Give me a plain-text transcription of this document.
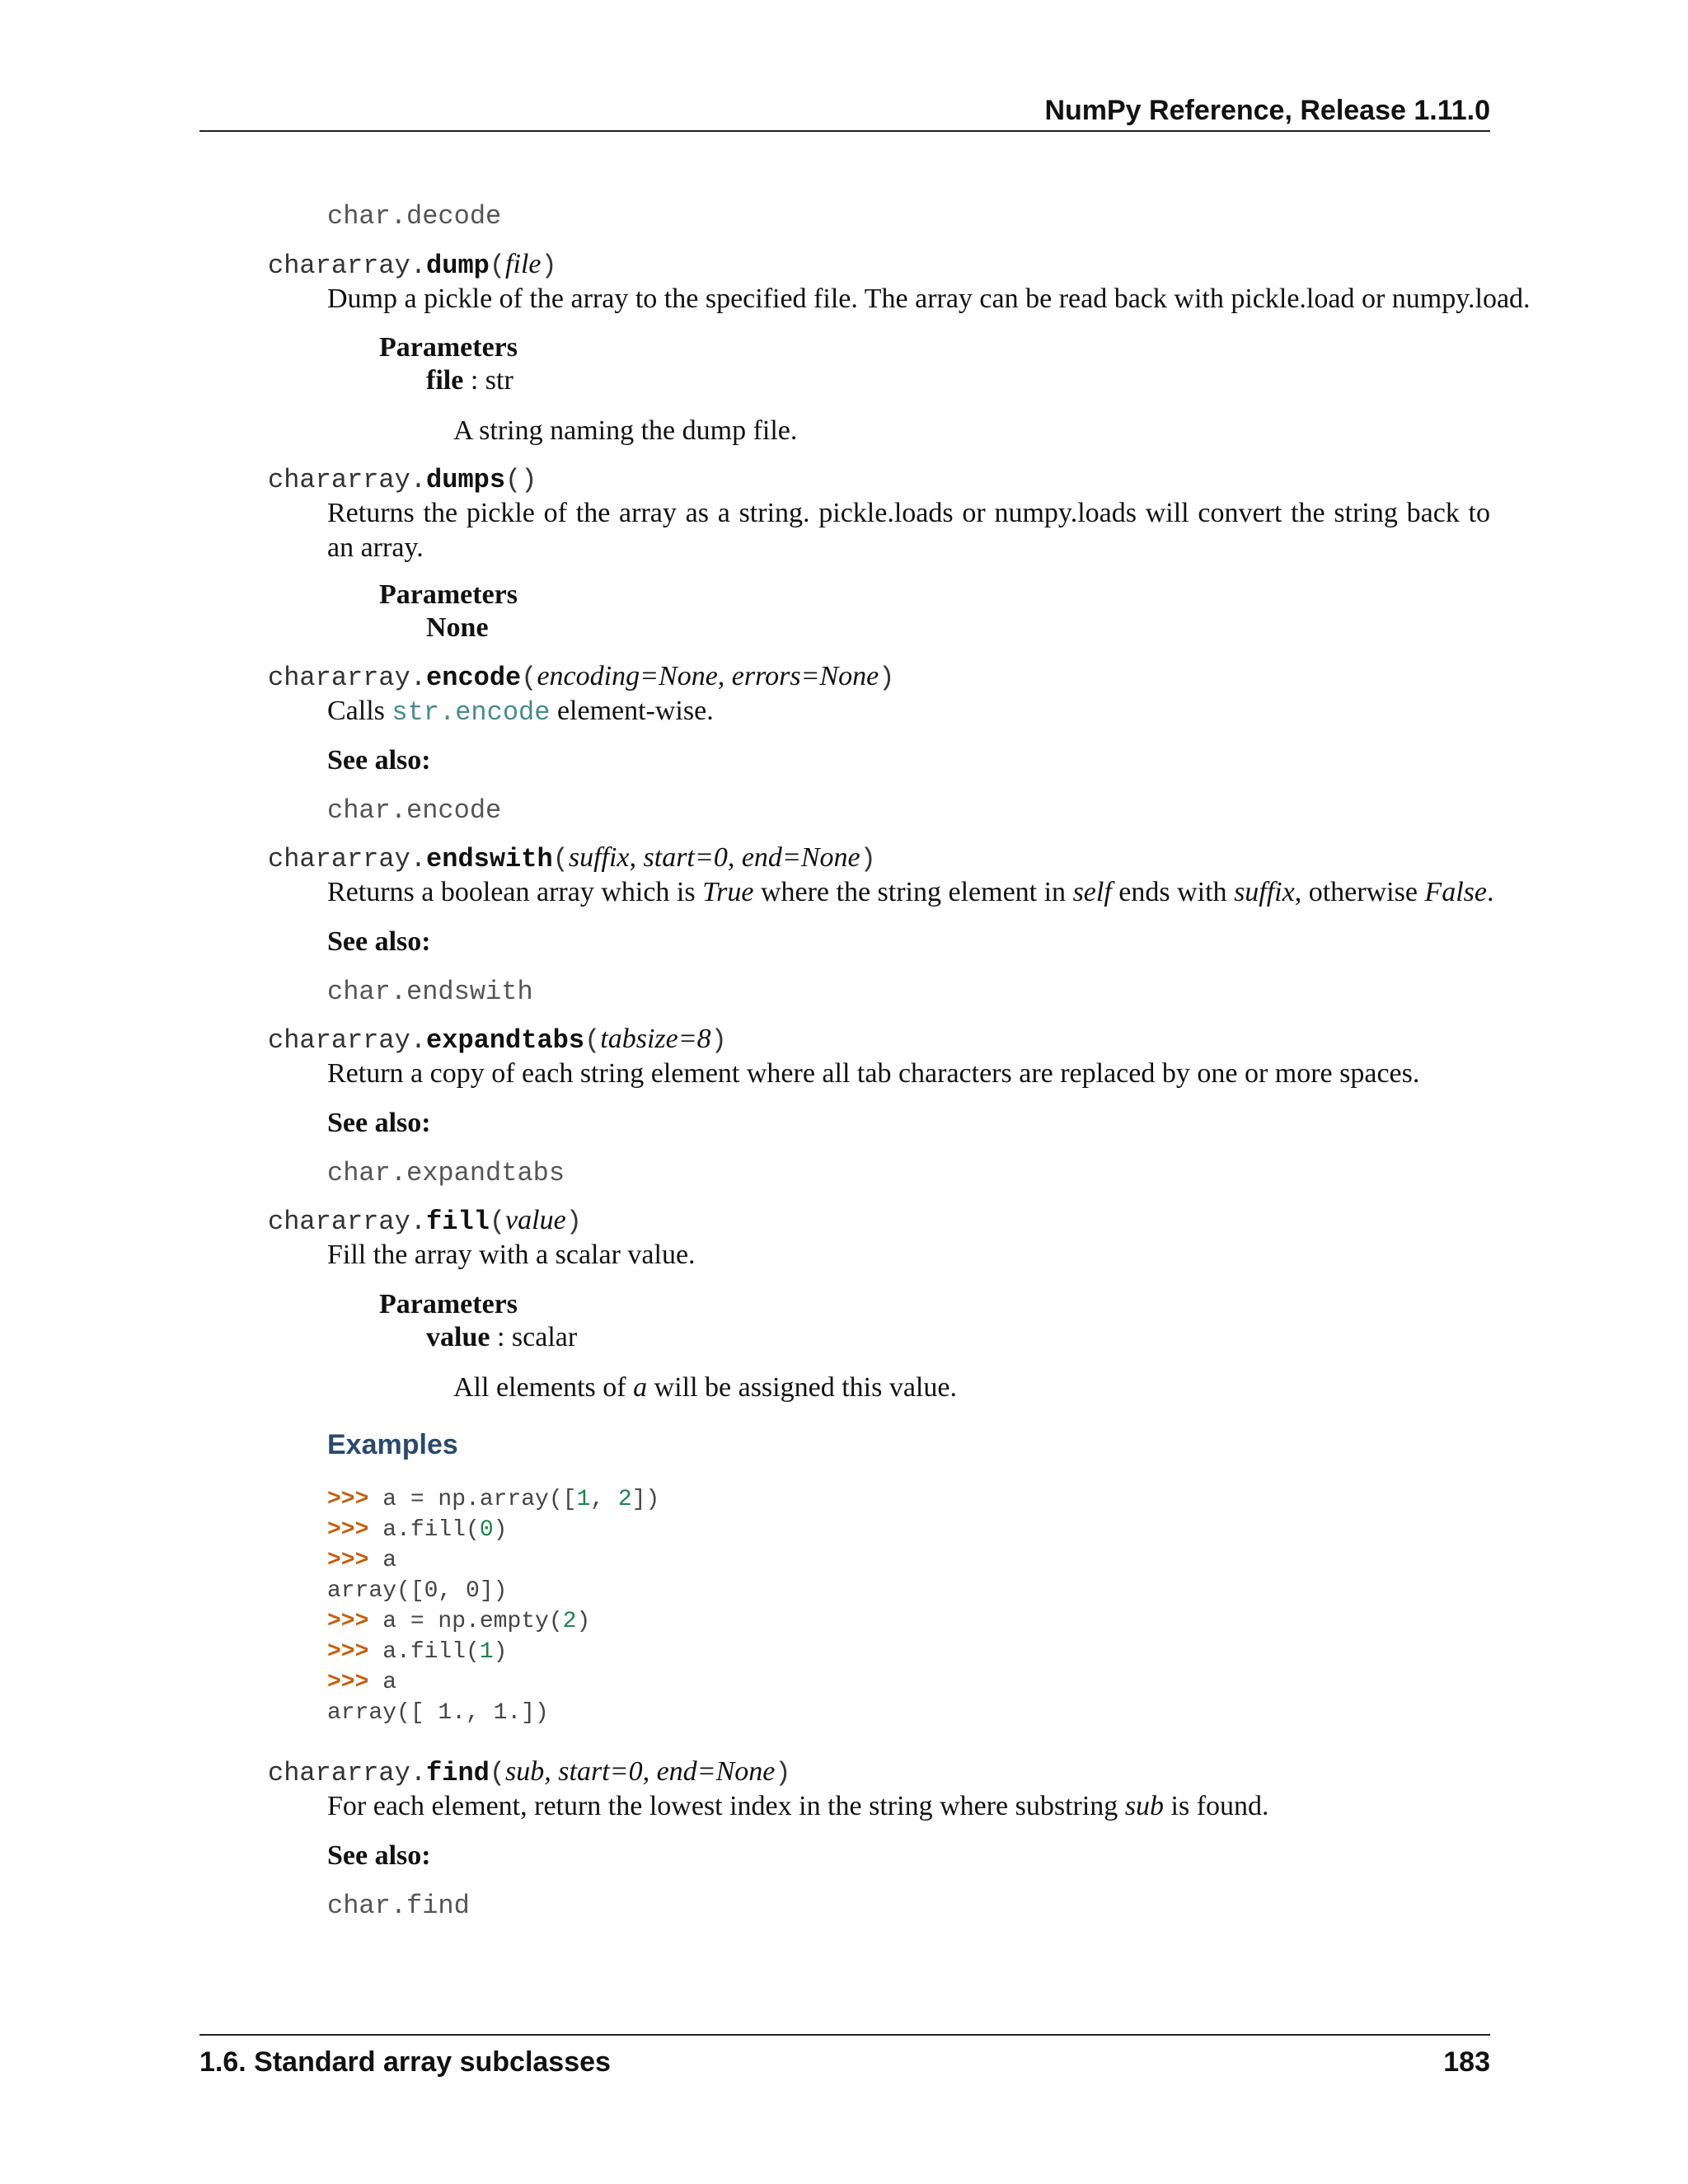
NumPy Reference, Release 1.11.0
char.decode
chararray.dump(file)
Dump a pickle of the array to the specified file. The array can be read back with pickle.load or numpy.load.
Parameters
file : str
A string naming the dump file.
chararray.dumps()
Returns the pickle of the array as a string. pickle.loads or numpy.loads will convert the string back to an array.
Parameters
None
chararray.encode(encoding=None, errors=None)
Calls str.encode element-wise.
See also:
char.encode
chararray.endswith(suffix, start=0, end=None)
Returns a boolean array which is True where the string element in self ends with suffix, otherwise False.
See also:
char.endswith
chararray.expandtabs(tabsize=8)
Return a copy of each string element where all tab characters are replaced by one or more spaces.
See also:
char.expandtabs
chararray.fill(value)
Fill the array with a scalar value.
Parameters
value : scalar
All elements of a will be assigned this value.
Examples
>>> a = np.array([1, 2])
>>> a.fill(0)
>>> a
array([0, 0])
>>> a = np.empty(2)
>>> a.fill(1)
>>> a
array([ 1., 1.])
chararray.find(sub, start=0, end=None)
For each element, return the lowest index in the string where substring sub is found.
See also:
char.find
1.6. Standard array subclasses	183
